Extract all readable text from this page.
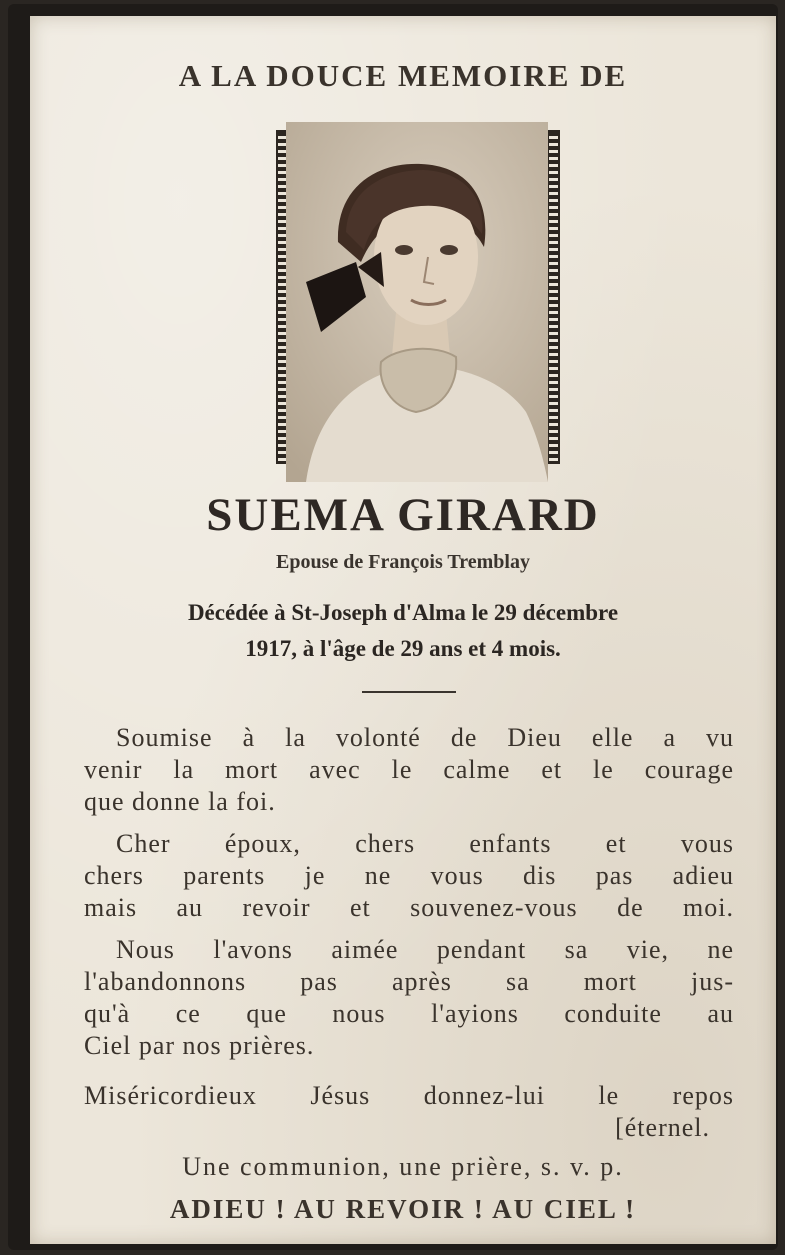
A LA DOUCE MEMOIRE DE
SUEMA GIRARD
Epouse de François Tremblay
Décédée à St-Joseph d'Alma le 29 décembre
1917, à l'âge de 29 ans et 4 mois.
Soumise à la volonté de Dieu elle a vu
venir la mort avec le calme et le courage
que donne la foi.
Cher époux, chers enfants et vous
chers parents je ne vous dis pas adieu
mais au revoir et souvenez-vous de moi.
Nous l'avons aimée pendant sa vie, ne
l'abandonnons pas après sa mort jus-
qu'à ce que nous l'ayions conduite au
Ciel par nos prières.
Miséricordieux Jésus donnez-lui le repos
[éternel.
Une communion, une prière, s. v. p.
ADIEU ! AU REVOIR ! AU CIEL !
